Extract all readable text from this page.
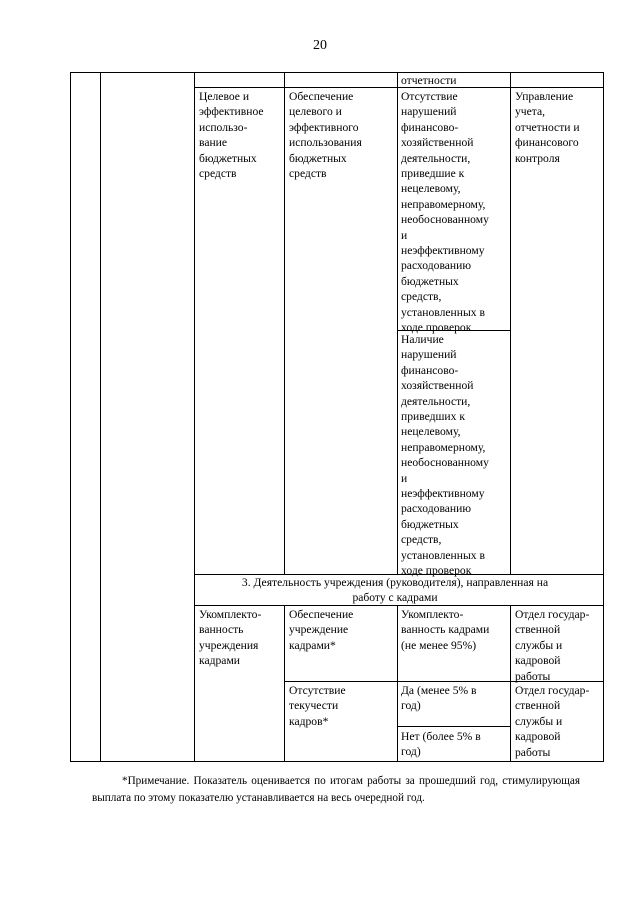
20
отчетности
Целевое и
эффективное
использо-
вание
бюджетных
средств
Обеспечение
целевого и
эффективного
использования
бюджетных
средств
Отсутствие
нарушений
финансово-
хозяйственной
деятельности,
приведшие к
нецелевому,
неправомерному,
необоснованному
и
неэффективному
расходованию
бюджетных
средств,
установленных в
ходе проверок
Наличие
нарушений
финансово-
хозяйственной
деятельности,
приведших к
нецелевому,
неправомерному,
необоснованному
и
неэффективному
расходованию
бюджетных
средств,
установленных в
ходе проверок
Управление
учета,
отчетности и
финансового
контроля
3. Деятельность учреждения (руководителя), направленная на
работу с кадрами
Укомплекто-
ванность
учреждения
кадрами
Обеспечение
учреждение
кадрами*
Укомплекто-
ванность кадрами
(не менее 95%)
Отдел государ-
ственной
службы и
кадровой
работы
Отсутствие
текучести
кадров*
Да (менее 5% в
год)
Нет (более 5% в
год)
Отдел государ-
ственной
службы и
кадровой
работы
*Примечание. Показатель оценивается по итогам работы за прошедший год, стимулирующая выплата по этому показателю устанавливается на весь очередной год.
